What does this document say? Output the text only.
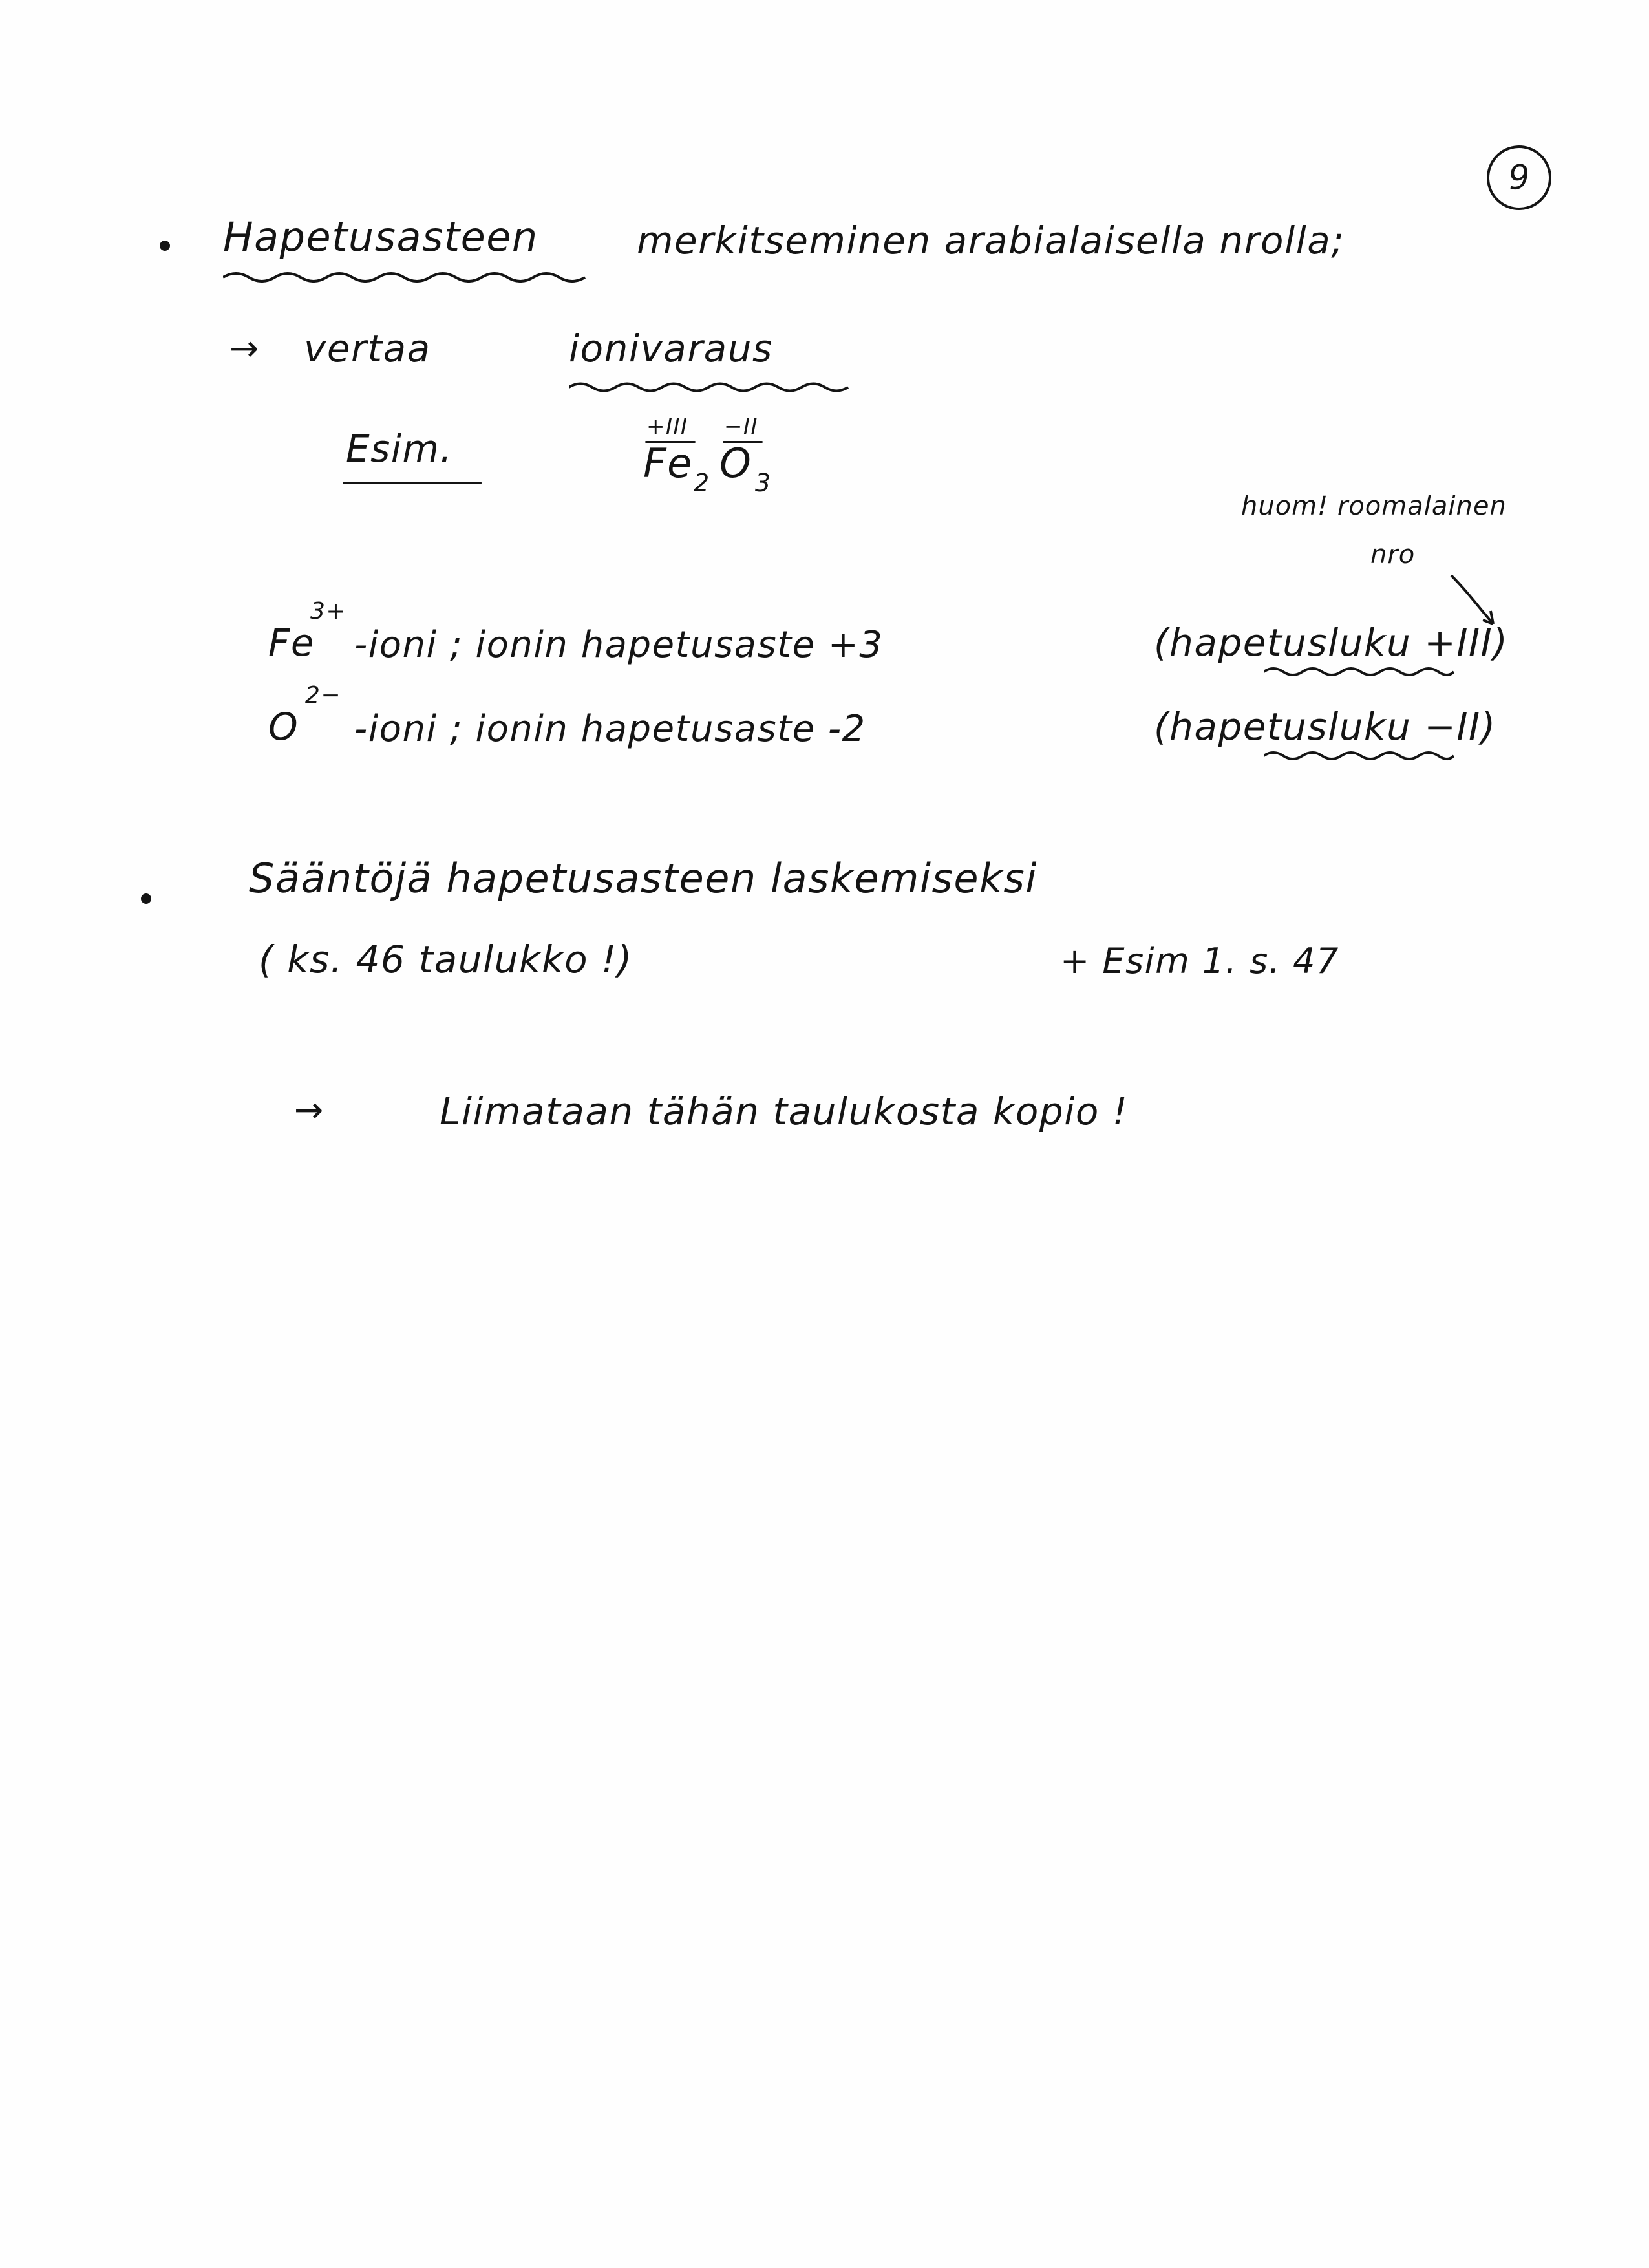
9
Hapetusasteen	merkitseminen arabialaisella nrolla;
→ vertaa	ionivaraus
Esim.	+III −II
Fe 2 O 3
huom! roomalainen
nro
Fe
3+
-ioni ; ionin hapetusaste +3	(hapetusluku +III)
O
2−
-ioni ; ionin hapetusaste -2	(hapetusluku −II)
Sääntöjä hapetusasteen laskemiseksi
( ks. 46 taulukko !)	+ Esim 1. s. 47
→	Liimataan tähän taulukosta kopio !
